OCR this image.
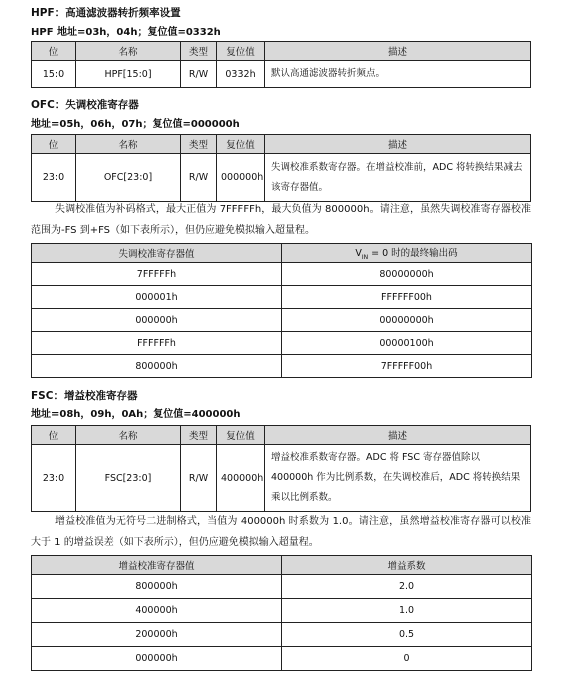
HPF：高通滤波器转折频率设置
HPF 地址=03h，04h；复位值=0332h
位	名称	类型	复位值	描述
15:0	HPF[15:0]	R/W	0332h	默认高通滤波器转折频点。
OFC：失调校准寄存器
地址=05h，06h，07h；复位值=000000h
位	名称	类型	复位值	描述
23:0	OFC[23:0]	R/W	000000h	失调校准系数寄存器。在增益校准前，ADC 将转换结果减去该寄存器值。
失调校准值为补码格式，最大正值为 7FFFFFh，最大负值为 800000h。请注意，虽然失调校准寄存器校准范围为-FS 到+FS（如下表所示），但仍应避免模拟输入超量程。
失调校准寄存器值	$V_{IN} = 0$ 时的最终输出码
7FFFFFh	80000000h
000001h	FFFFFF00h
000000h	00000000h
FFFFFFh	00000100h
800000h	7FFFFF00h
FSC：增益校准寄存器
地址=08h，09h，0Ah；复位值=400000h
位	名称	类型	复位值	描述
23:0	FSC[23:0]	R/W	400000h	增益校准系数寄存器。ADC 将 FSC 寄存器值除以 400000h 作为比例系数，在失调校准后，ADC 将转换结果乘以比例系数。
增益校准值为无符号二进制格式，当值为 400000h 时系数为 1.0。请注意，虽然增益校准寄存器可以校准大于 1 的增益误差（如下表所示），但仍应避免模拟输入超量程。
增益校准寄存器值	增益系数
800000h	2.0
400000h	1.0
200000h	0.5
000000h	0
